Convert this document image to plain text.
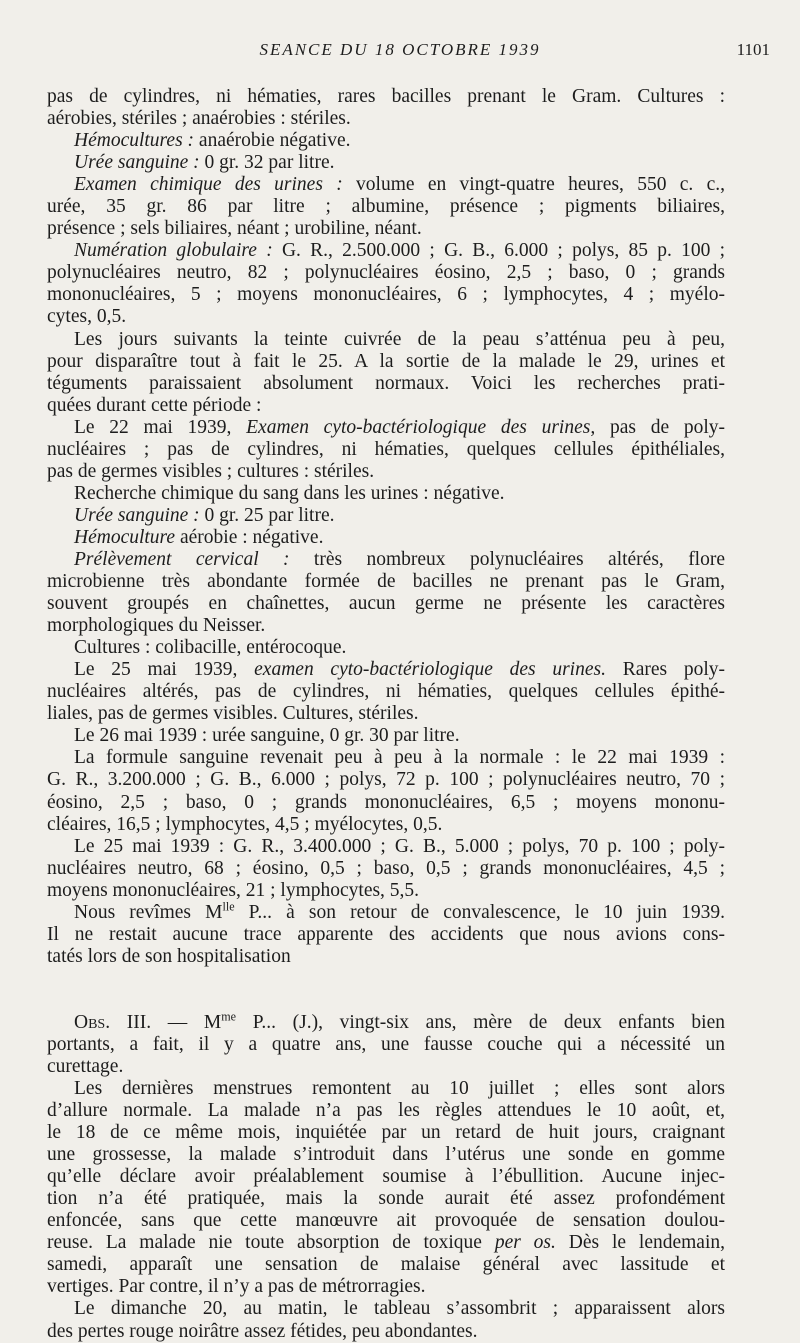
SEANCE DU 18 OCTOBRE 1939	1101
pas de cylindres, ni hématies, rares bacilles prenant le Gram. Cultures :
aérobies, stériles ; anaérobies : stériles.
Hémocultures : anaérobie négative.
Urée sanguine : 0 gr. 32 par litre.
Examen chimique des urines : volume en vingt-quatre heures, 550 c. c.,
urée, 35 gr. 86 par litre ; albumine, présence ; pigments biliaires,
présence ; sels biliaires, néant ; urobiline, néant.
Numération globulaire : G. R., 2.500.000 ; G. B., 6.000 ; polys, 85 p. 100 ;
polynucléaires neutro, 82 ; polynucléaires éosino, 2,5 ; baso, 0 ; grands
mononucléaires, 5 ; moyens mononucléaires, 6 ; lymphocytes, 4 ; myélo-
cytes, 0,5.
Les jours suivants la teinte cuivrée de la peau s’atténua peu à peu,
pour disparaître tout à fait le 25. A la sortie de la malade le 29, urines et
téguments paraissaient absolument normaux. Voici les recherches prati-
quées durant cette période :
Le 22 mai 1939, Examen cyto-bactériologique des urines, pas de poly-
nucléaires ; pas de cylindres, ni hématies, quelques cellules épithéliales,
pas de germes visibles ; cultures : stériles.
Recherche chimique du sang dans les urines : négative.
Urée sanguine : 0 gr. 25 par litre.
Hémoculture aérobie : négative.
Prélèvement cervical : très nombreux polynucléaires altérés, flore
microbienne très abondante formée de bacilles ne prenant pas le Gram,
souvent groupés en chaînettes, aucun germe ne présente les caractères
morphologiques du Neisser.
Cultures : colibacille, entérocoque.
Le 25 mai 1939, examen cyto-bactériologique des urines. Rares poly-
nucléaires altérés, pas de cylindres, ni hématies, quelques cellules épithé-
liales, pas de germes visibles. Cultures, stériles.
Le 26 mai 1939 : urée sanguine, 0 gr. 30 par litre.
La formule sanguine revenait peu à peu à la normale : le 22 mai 1939 :
G. R., 3.200.000 ; G. B., 6.000 ; polys, 72 p. 100 ; polynucléaires neutro, 70 ;
éosino, 2,5 ; baso, 0 ; grands mononucléaires, 6,5 ; moyens mononu-
cléaires, 16,5 ; lymphocytes, 4,5 ; myélocytes, 0,5.
Le 25 mai 1939 : G. R., 3.400.000 ; G. B., 5.000 ; polys, 70 p. 100 ; poly-
nucléaires neutro, 68 ; éosino, 0,5 ; baso, 0,5 ; grands mononucléaires, 4,5 ;
moyens mononucléaires, 21 ; lymphocytes, 5,5.
Nous revîmes $M^{lle}$ P... à son retour de convalescence, le 10 juin 1939.
Il ne restait aucune trace apparente des accidents que nous avions cons-
tatés lors de son hospitalisation
Obs. III. — $M^{me}$ P... (J.), vingt-six ans, mère de deux enfants bien
portants, a fait, il y a quatre ans, une fausse couche qui a nécessité un
curettage.
Les dernières menstrues remontent au 10 juillet ; elles sont alors
d’allure normale. La malade n’a pas les règles attendues le 10 août, et,
le 18 de ce même mois, inquiétée par un retard de huit jours, craignant
une grossesse, la malade s’introduit dans l’utérus une sonde en gomme
qu’elle déclare avoir préalablement soumise à l’ébullition. Aucune injec-
tion n’a été pratiquée, mais la sonde aurait été assez profondément
enfoncée, sans que cette manœuvre ait provoquée de sensation doulou-
reuse. La malade nie toute absorption de toxique per os. Dès le lendemain,
samedi, apparaît une sensation de malaise général avec lassitude et
vertiges. Par contre, il n’y a pas de métrorragies.
Le dimanche 20, au matin, le tableau s’assombrit ; apparaissent alors
des pertes rouge noirâtre assez fétides, peu abondantes.
